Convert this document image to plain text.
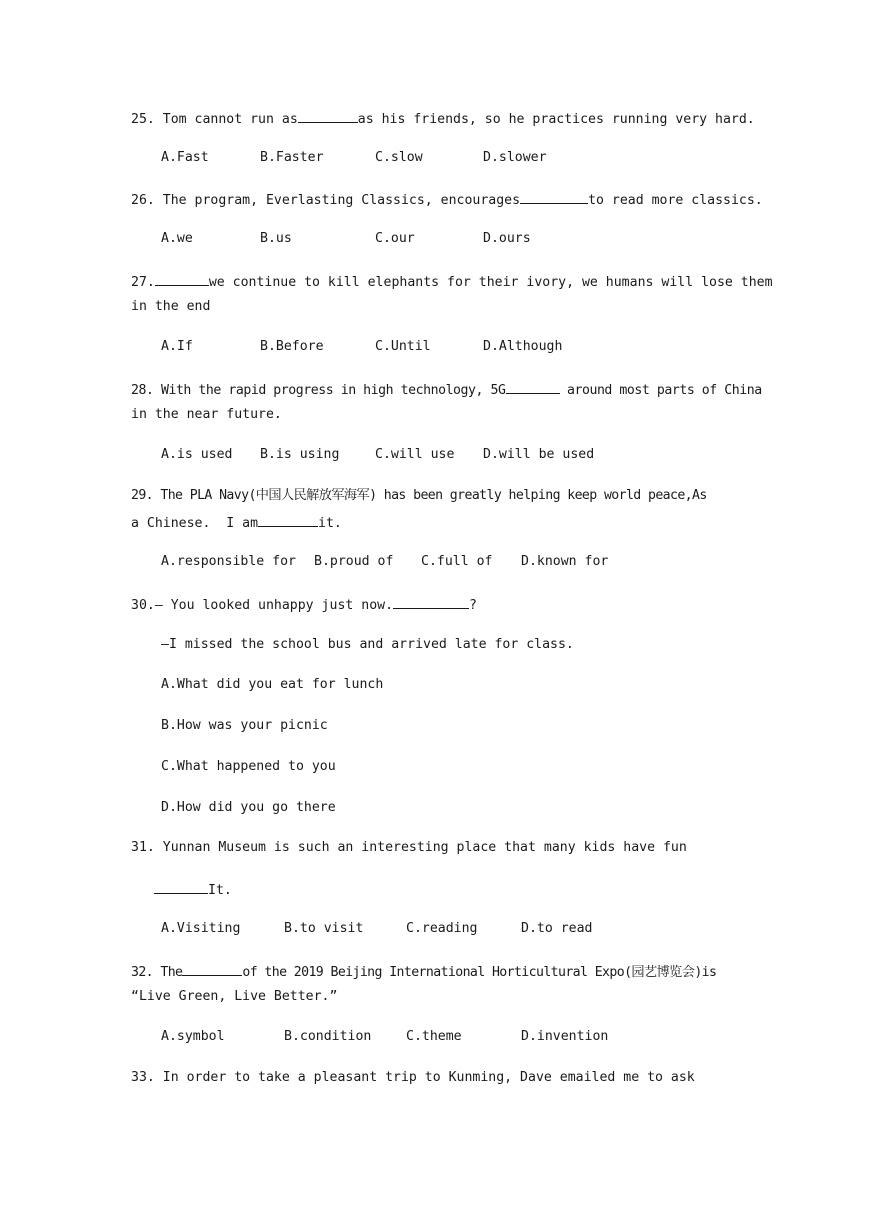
25. Tom cannot run as	as his friends, so he practices running very hard.
A.Fast	B.Faster	C.slow	D.slower
26. The program, Everlasting Classics, encourages	to read more classics.
A.we	B.us	C.our	D.ours
27.	we continue to kill elephants for their ivory, we humans will lose them
in the end
A.If	B.Before	C.Until	D.Although
28. With the rapid progress in high technology, 5G	around most parts of China
in the near future.
A.is used B.is using	C.will use D.will be used
29. The PLA Navy(中国人民解放军海军) has been greatly helping keep world peace,As
a Chinese.  I am	it.
A.responsible for B.proud of C.full of D.known for
30.— You looked unhappy just now.	?
—I missed the school bus and arrived late for class.
A.What did you eat for lunch
B.How was your picnic
C.What happened to you
D.How did you go there
31. Yunnan Museum is such an interesting place that many kids have fun
It.
A.Visiting	B.to visit	C.reading	D.to read
32. The	of the 2019 Beijing International Horticultural Expo(园艺博览会)is
“Live Green, Live Better.”
A.symbol	B.condition	C.theme	D.invention
33. In order to take a pleasant trip to Kunming, Dave emailed me to ask
